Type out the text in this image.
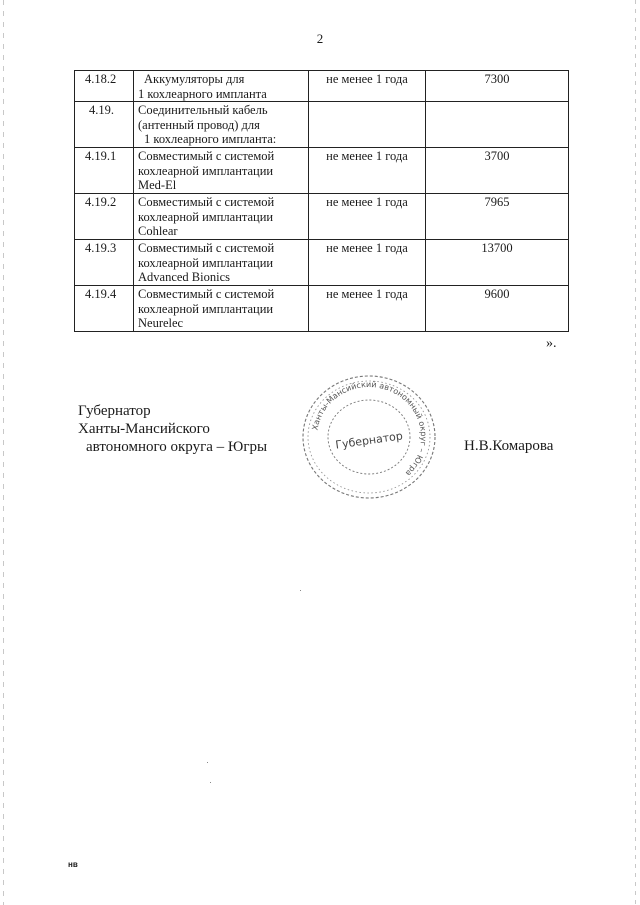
2
4.18.2	Аккумуляторы для
1 кохлеарного импланта	не менее 1 года	7300
4.19.	Соединительный кабель
(антенный провод) для
1 кохлеарного импланта:		

4.19.1	Совместимый с системой
кохлеарной имплантации
Med-El	не менее 1 года	3700
4.19.2	Совместимый с системой
кохлеарной имплантации
Cohlear	не менее 1 года	7965
4.19.3	Совместимый с системой
кохлеарной имплантации
Advanced Bionics	не менее 1 года	13700
4.19.4	Совместимый с системой
кохлеарной имплантации
Neurelec	не менее 1 года	9600
».
Губернатор
Ханты-Мансийского
автономного округа – Югры
Ханты-Мансийский автономный округ – Югра
Губернатор	Н.В.Комарова
нв
